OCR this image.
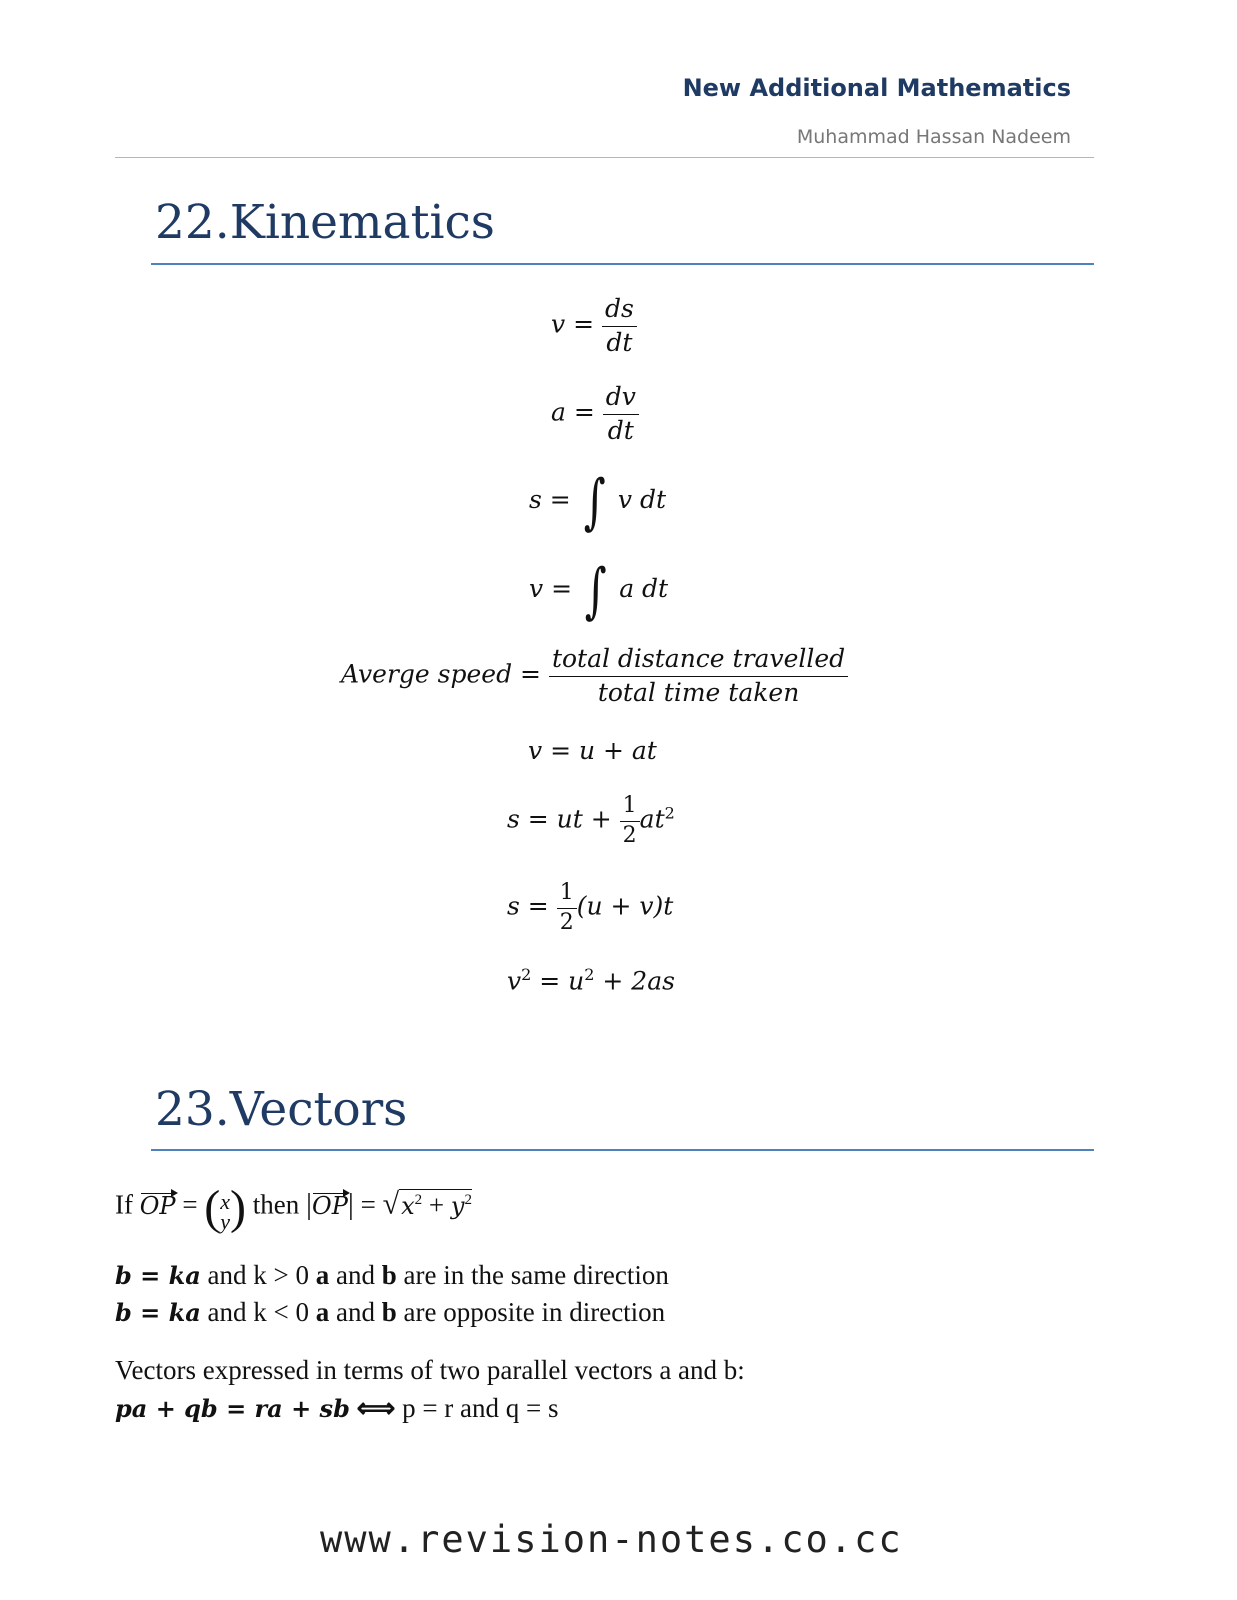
New Additional Mathematics
Muhammad Hassan Nadeem
22.Kinematics
$v = \frac{ds}{dt}$
$a = \frac{dv}{dt}$
s = ∫ v dt
v = ∫ a dt
Averge speed = $\frac{\text{total distance travelled}}{\text{total time taken}}$
v = u + at
s = ut + $\frac{1}{2} at^2$
$s = \frac{1}{2} (u + v)t$
$v^2 = u^2 + 2as$
23.Vectors
If OP = (x
y) then $|OP| = √x^2 + y^2$
b = ka and k > 0 a and b are in the same direction
b = ka and k < 0 a and b are opposite in direction
Vectors expressed in terms of two parallel vectors a and b:
pa + qb = ra + sb ⟺ p = r and q = s
www.revision-notes.co.cc
